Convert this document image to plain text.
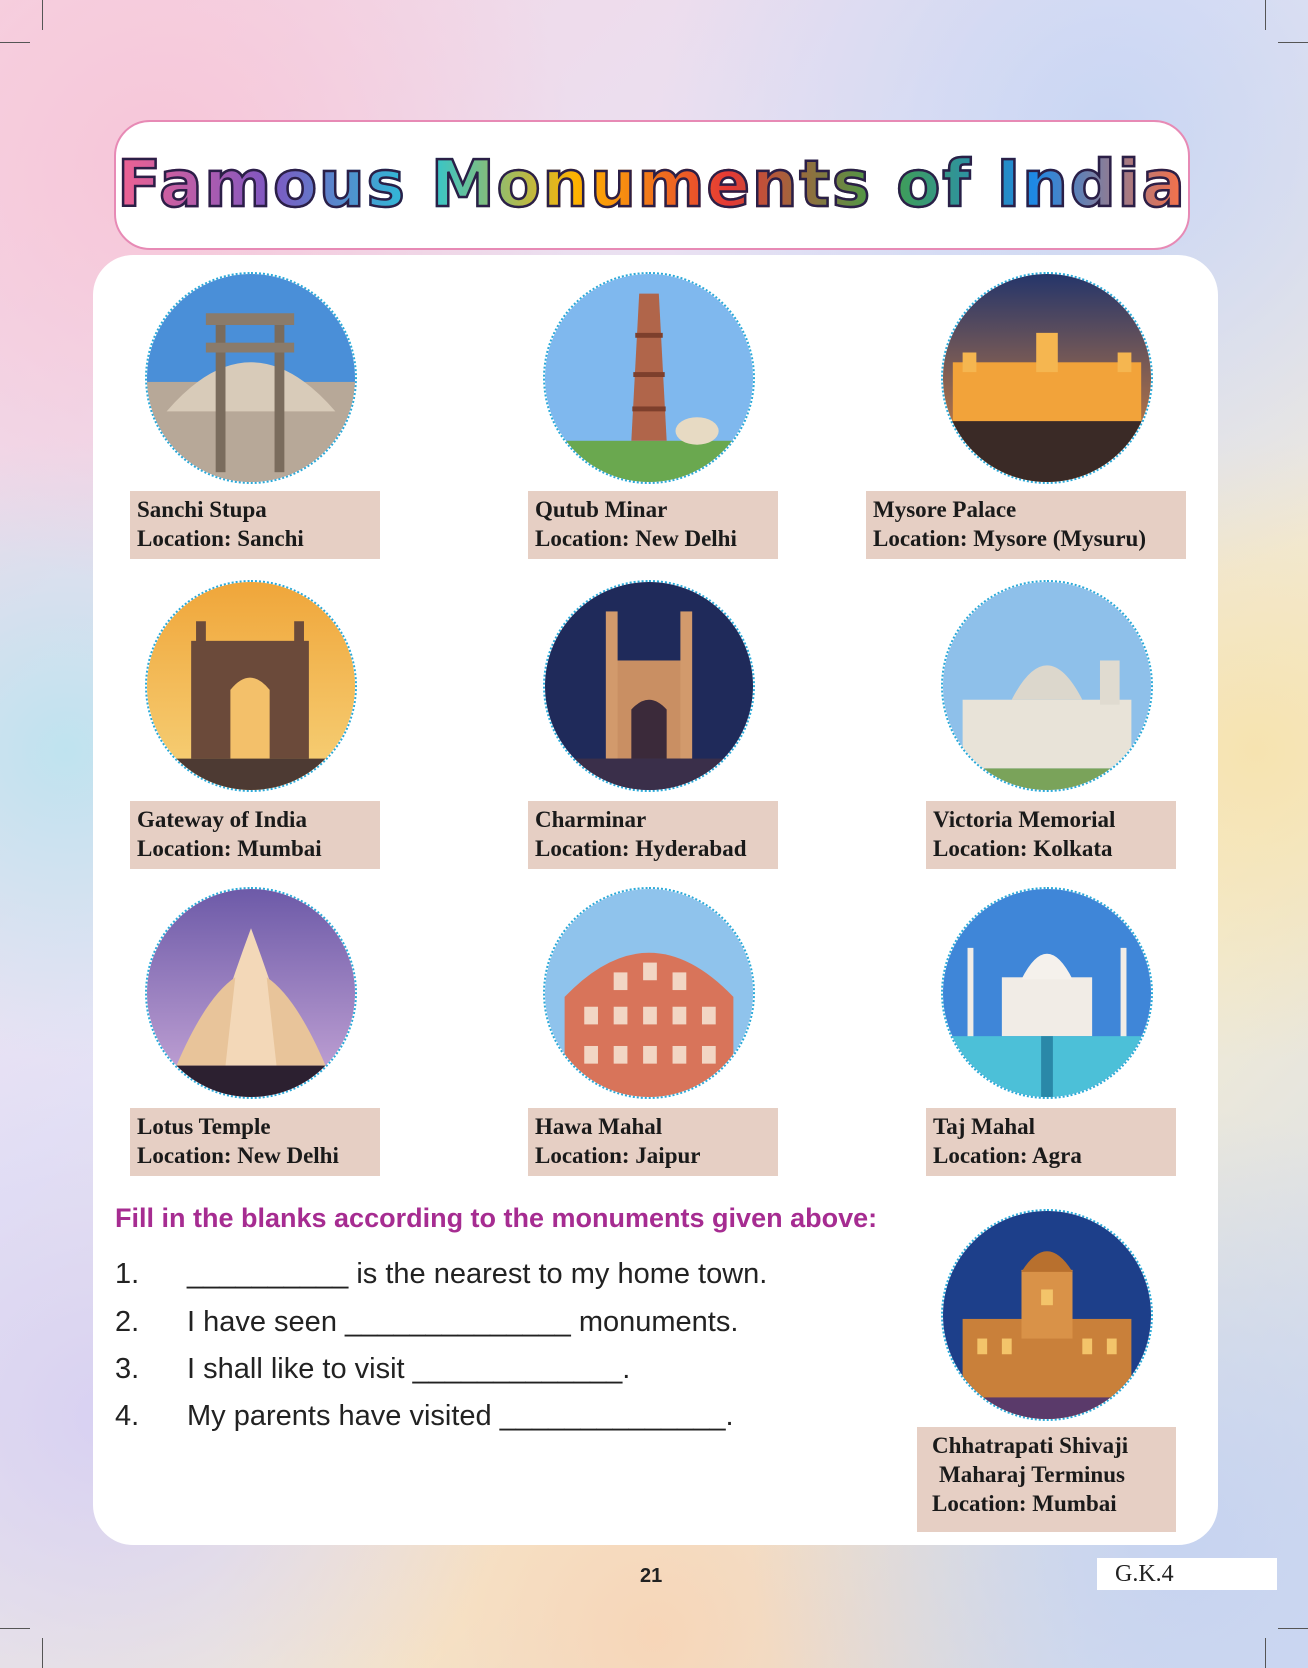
Famous Monuments of India
Sanchi Stupa
Location: Sanchi
Qutub Minar
Location: New Delhi
Mysore Palace
Location: Mysore (Mysuru)
Gateway of India
Location: Mumbai
Charminar
Location: Hyderabad
Victoria Memorial
Location: Kolkata
Lotus Temple
Location: New Delhi
Hawa Mahal
Location: Jaipur
Taj Mahal
Location: Agra
Fill in the blanks according to the monuments given above:
1. __________ is the nearest to my home town.
2. I have seen ______________ monuments.
3. I shall like to visit _____________.
4. My parents have visited ______________.
Chhatrapati Shivaji
Maharaj Terminus
Location: Mumbai
21	G.K.4
